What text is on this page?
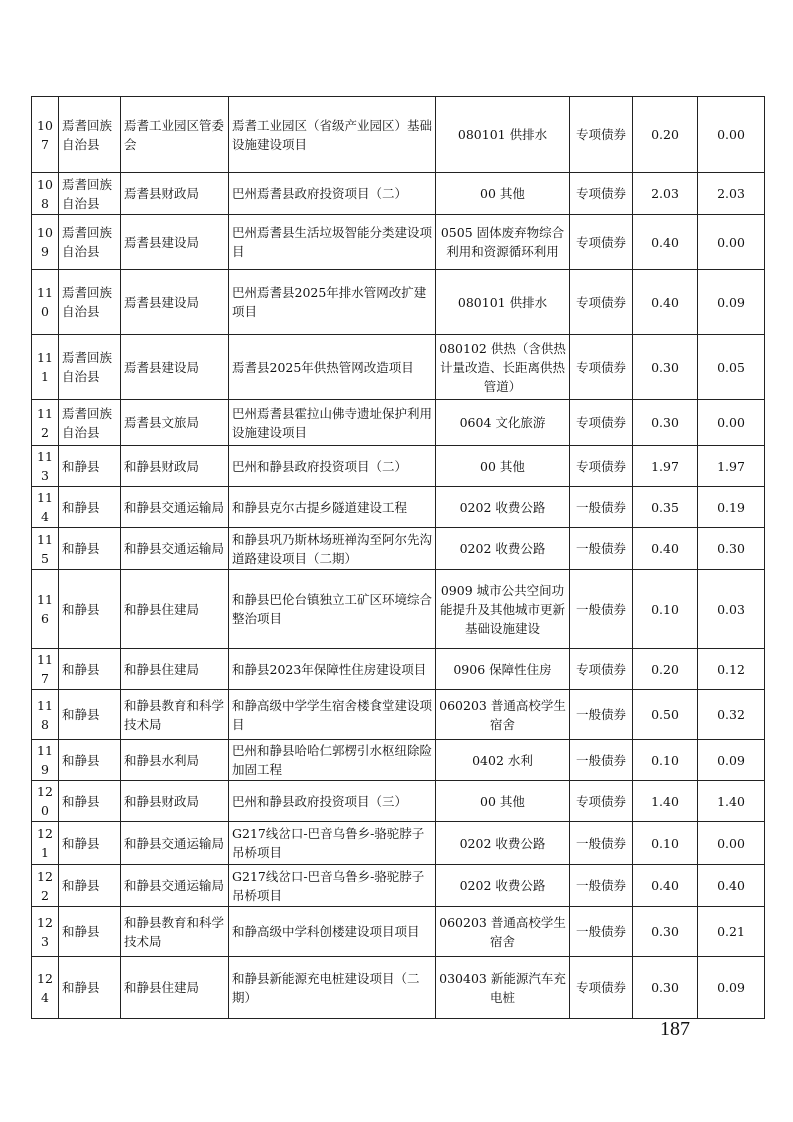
107	焉耆回族自治县	焉耆工业园区管委会	焉耆工业园区（省级产业园区）基础设施建设项目	080101 供排水	专项债券	0.20	0.00
108	焉耆回族自治县	焉耆县财政局	巴州焉耆县政府投资项目（二）	00 其他	专项债券	2.03	2.03
109	焉耆回族自治县	焉耆县建设局	巴州焉耆县生活垃圾智能分类建设项目	0505 固体废弃物综合利用和资源循环利用	专项债券	0.40	0.00
110	焉耆回族自治县	焉耆县建设局	巴州焉耆县2025年排水管网改扩建项目	080101 供排水	专项债券	0.40	0.09
111	焉耆回族自治县	焉耆县建设局	焉耆县2025年供热管网改造项目	080102 供热（含供热计量改造、长距离供热管道）	专项债券	0.30	0.05
112	焉耆回族自治县	焉耆县文旅局	巴州焉耆县霍拉山佛寺遗址保护利用设施建设项目	0604 文化旅游	专项债券	0.30	0.00
113	和静县	和静县财政局	巴州和静县政府投资项目（二）	00 其他	专项债券	1.97	1.97
114	和静县	和静县交通运输局	和静县克尔古提乡隧道建设工程	0202 收费公路	一般债券	0.35	0.19
115	和静县	和静县交通运输局	和静县巩乃斯林场班禅沟至阿尔先沟道路建设项目（二期）	0202 收费公路	一般债券	0.40	0.30
116	和静县	和静县住建局	和静县巴伦台镇独立工矿区环境综合整治项目	0909 城市公共空间功能提升及其他城市更新基础设施建设	一般债券	0.10	0.03
117	和静县	和静县住建局	和静县2023年保障性住房建设项目	0906 保障性住房	专项债券	0.20	0.12
118	和静县	和静县教育和科学技术局	和静高级中学学生宿舍楼食堂建设项目	060203 普通高校学生宿舍	一般债券	0.50	0.32
119	和静县	和静县水利局	巴州和静县哈哈仁郭楞引水枢纽除险加固工程	0402 水利	一般债券	0.10	0.09
120	和静县	和静县财政局	巴州和静县政府投资项目（三）	00 其他	专项债券	1.40	1.40
121	和静县	和静县交通运输局	G217线岔口-巴音乌鲁乡-骆驼脖子吊桥项目	0202 收费公路	一般债券	0.10	0.00
122	和静县	和静县交通运输局	G217线岔口-巴音乌鲁乡-骆驼脖子吊桥项目	0202 收费公路	一般债券	0.40	0.40
123	和静县	和静县教育和科学技术局	和静高级中学科创楼建设项目项目	060203 普通高校学生宿舍	一般债券	0.30	0.21
124	和静县	和静县住建局	和静县新能源充电桩建设项目（二期）	030403 新能源汽车充电桩	专项债券	0.30	0.09
187
